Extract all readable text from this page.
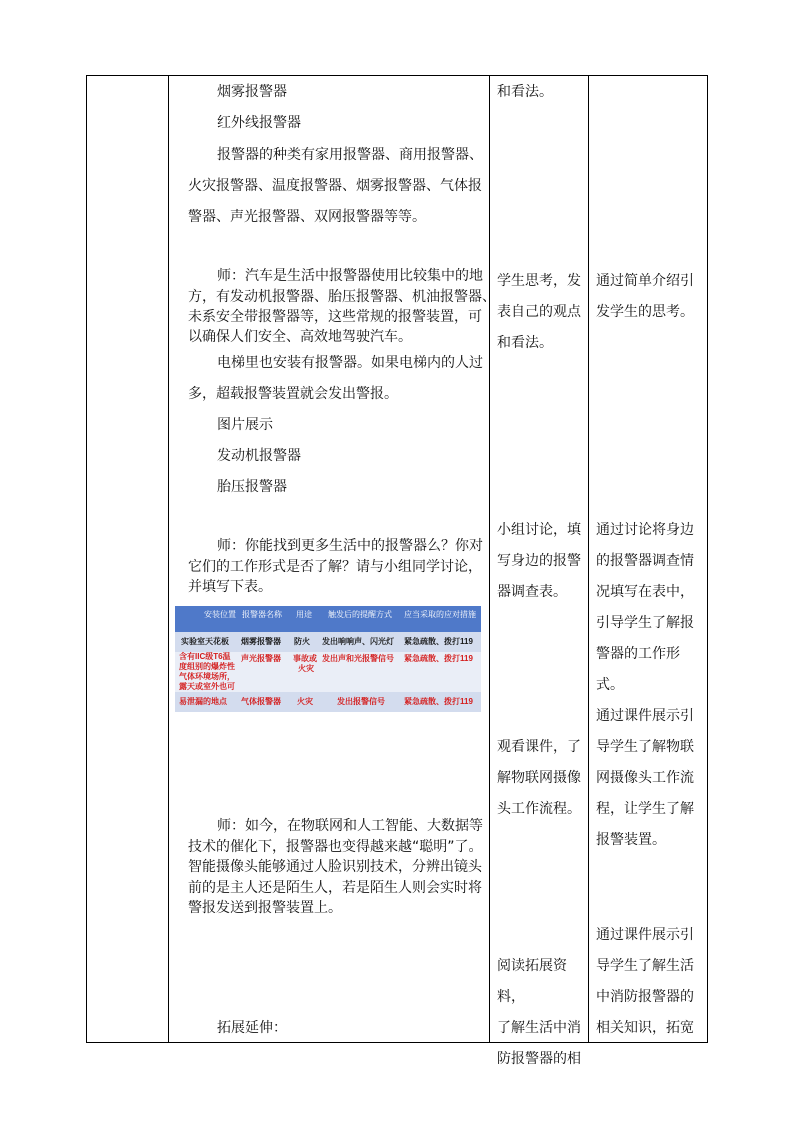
烟雾报警器
红外线报警器
报警器的种类有家用报警器、商用报警器、
火灾报警器、温度报警器、烟雾报警器、气体报
警器、声光报警器、双网报警器等等。
师：汽车是生活中报警器使用比较集中的地
方，有发动机报警器、胎压报警器、机油报警器、
未系安全带报警器等，这些常规的报警装置，可
以确保人们安全、高效地驾驶汽车。
电梯里也安装有报警器。如果电梯内的人过
多，超载报警装置就会发出警报。
图片展示
发动机报警器
胎压报警器
师：你能找到更多生活中的报警器么？你对
它们的工作形式是否了解？请与小组同学讨论，
并填写下表。
安装位置 报警器名称 用途 触发后的提醒方式 应当采取的应对措施
实验室天花板 烟雾报警器 防火 发出响响声、闪光灯 紧急疏散、拨打119
含有IIC级T6温
度组别的爆炸性
气体环境场所，
露天或室外也可
声光报警器 事故或
火灾
发出声和光报警信号 紧急疏散、拨打119
易泄漏的地点 气体报警器 火灾	发出报警信号 紧急疏散、拨打119
师：如今，在物联网和人工智能、大数据等
技术的催化下，报警器也变得越来越“聪明”了。
智能摄像头能够通过人脸识别技术，分辨出镜头
前的是主人还是陌生人，若是陌生人则会实时将
警报发送到报警装置上。
拓展延伸：
和看法。
学生思考，发
表自己的观点
和看法。
小组讨论，填
写身边的报警
器调查表。
观看课件，了
解物联网摄像
头工作流程。
阅读拓展资料，
了解生活中消
防报警器的相
通过简单介绍引
发学生的思考。
通过讨论将身边
的报警器调查情
况填写在表中，
引导学生了解报
警器的工作形式。
通过课件展示引
导学生了解物联
网摄像头工作流
程，让学生了解
报警装置。
通过课件展示引
导学生了解生活
中消防报警器的
相关知识，拓宽
